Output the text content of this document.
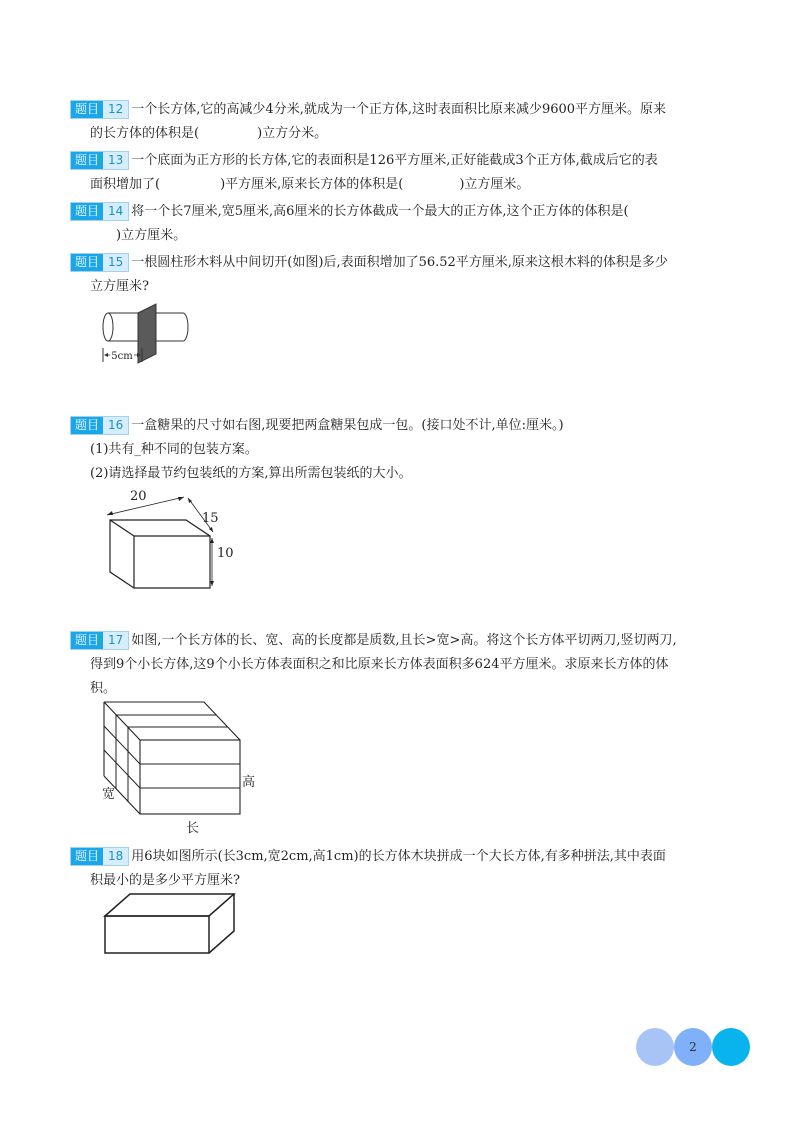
题目 12 一个长方体,它的高减少4分米,就成为一个正方体,这时表面积比原来减少9600平方厘米。原来
的长方体的体积是(	)立方分米。
题目 13 一个底面为正方形的长方体,它的表面积是126平方厘米,正好能截成3个正方体,截成后它的表
面积增加了(	)平方厘米,原来长方体的体积是(	)立方厘米。
题目 14 将一个长7厘米,宽5厘米,高6厘米的长方体截成一个最大的正方体,这个正方体的体积是(
)立方厘米。
题目 15 一根圆柱形木料从中间切开(如图)后,表面积增加了56.52平方厘米,原来这根木料的体积是多少
立方厘米?
5cm
题目 16 一盒糖果的尺寸如右图,现要把两盒糖果包成一包。(接口处不计,单位:厘米。)
(1)共有_种不同的包装方案。
(2)请选择最节约包装纸的方案,算出所需包装纸的大小。
20
15
10
题目 17 如图,一个长方体的长、宽、高的长度都是质数,且长>宽>高。将这个长方体平切两刀,竖切两刀,
得到9个小长方体,这9个小长方体表面积之和比原来长方体表面积多624平方厘米。求原来长方体的体
积。
高
宽
长
题目 18 用6块如图所示(长3cm,宽2cm,高1cm)的长方体木块拼成一个大长方体,有多种拼法,其中表面
积最小的是多少平方厘米?
2
